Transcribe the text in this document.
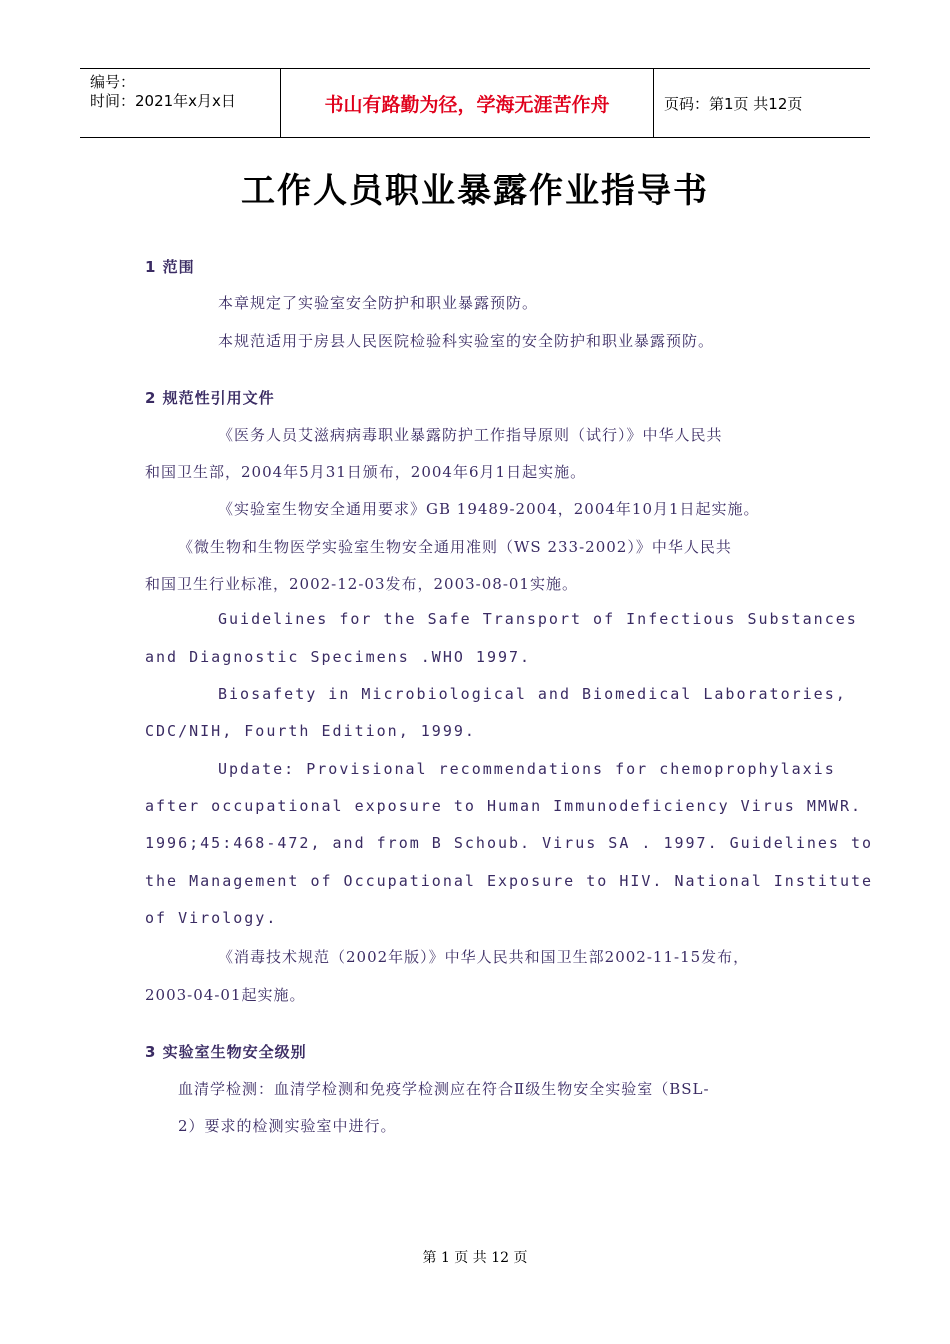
编号：
时间：2021年x月x日	书山有路勤为径，学海无涯苦作舟	页码：第1页 共12页
工作人员职业暴露作业指导书
1 范围
本章规定了实验室安全防护和职业暴露预防。
本规范适用于房县人民医院检验科实验室的安全防护和职业暴露预防。
2 规范性引用文件
《医务人员艾滋病病毒职业暴露防护工作指导原则（试行）》中华人民共
和国卫生部，2004年5月31日颁布，2004年6月1日起实施。
《实验室生物安全通用要求》GB 19489-2004，2004年10月1日起实施。
《微生物和生物医学实验室生物安全通用准则（WS 233-2002）》中华人民共
和国卫生行业标准，2002-12-03发布，2003-08-01实施。
Guidelines for the Safe Transport of Infectious Substances
and Diagnostic Specimens .WHO 1997.
Biosafety in Microbiological and Biomedical Laboratories,
CDC/NIH, Fourth Edition, 1999.
Update: Provisional recommendations for chemoprophylaxis
after occupational exposure to Human Immunodeficiency Virus MMWR.
1996;45:468-472, and from B Schoub. Virus SA . 1997. Guidelines to
the Management of Occupational Exposure to HIV. National Institute
of Virology.
《消毒技术规范（2002年版）》中华人民共和国卫生部2002-11-15发布，
2003-04-01起实施。
3 实验室生物安全级别
血清学检测：血清学检测和免疫学检测应在符合Ⅱ级生物安全实验室（BSL-
2）要求的检测实验室中进行。
第 1 页 共 12 页
